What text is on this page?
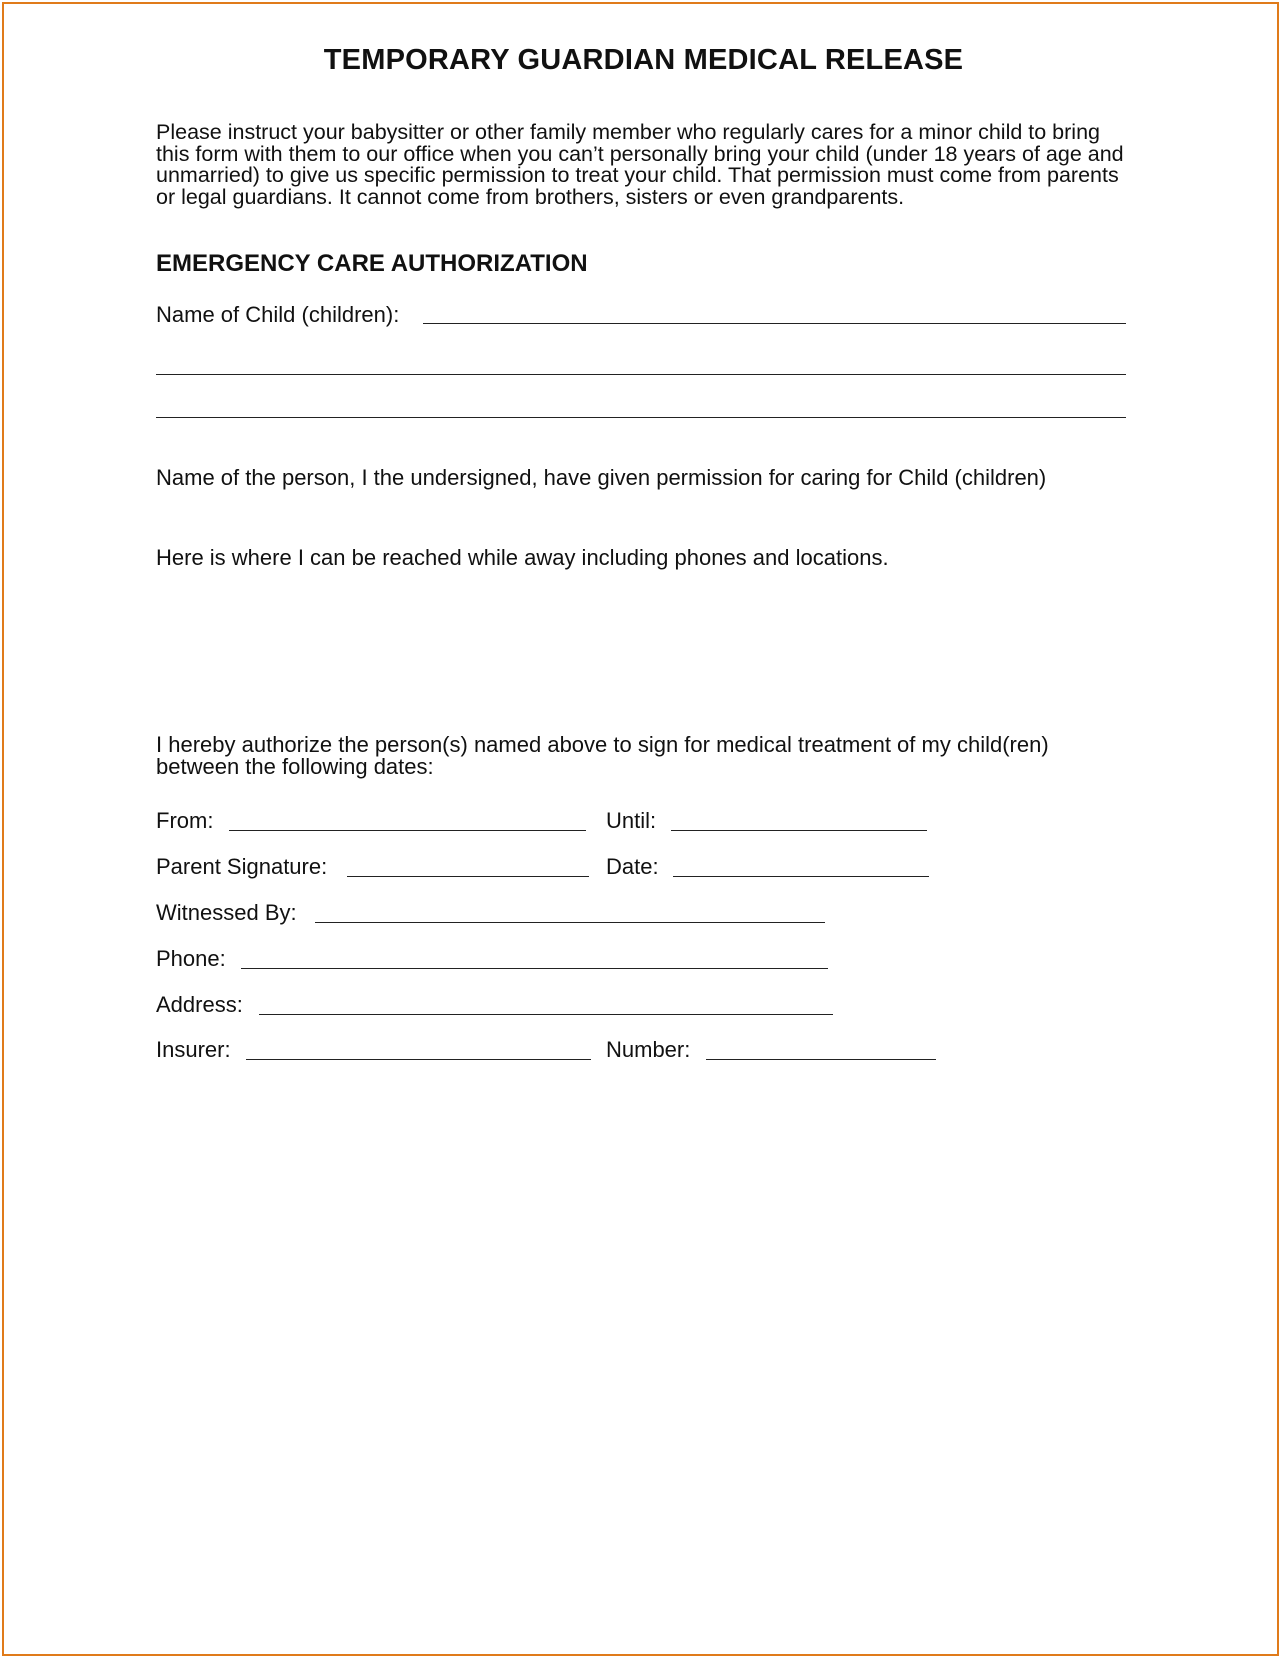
TEMPORARY GUARDIAN MEDICAL RELEASE
Please instruct your babysitter or other family member who regularly cares for a minor child to bring
this form with them to our office when you can’t personally bring your child (under 18 years of age and
unmarried) to give us specific permission to treat your child. That permission must come from parents
or legal guardians. It cannot come from brothers, sisters or even grandparents.
EMERGENCY CARE AUTHORIZATION
Name of Child (children):
Name of the person, I the undersigned, have given permission for caring for Child (children)
Here is where I can be reached while away including phones and locations.
I hereby authorize the person(s) named above to sign for medical treatment of my child(ren)
between the following dates:
From:	Until:
Parent Signature:	Date:
Witnessed By:
Phone:
Address:
Insurer:	Number:
